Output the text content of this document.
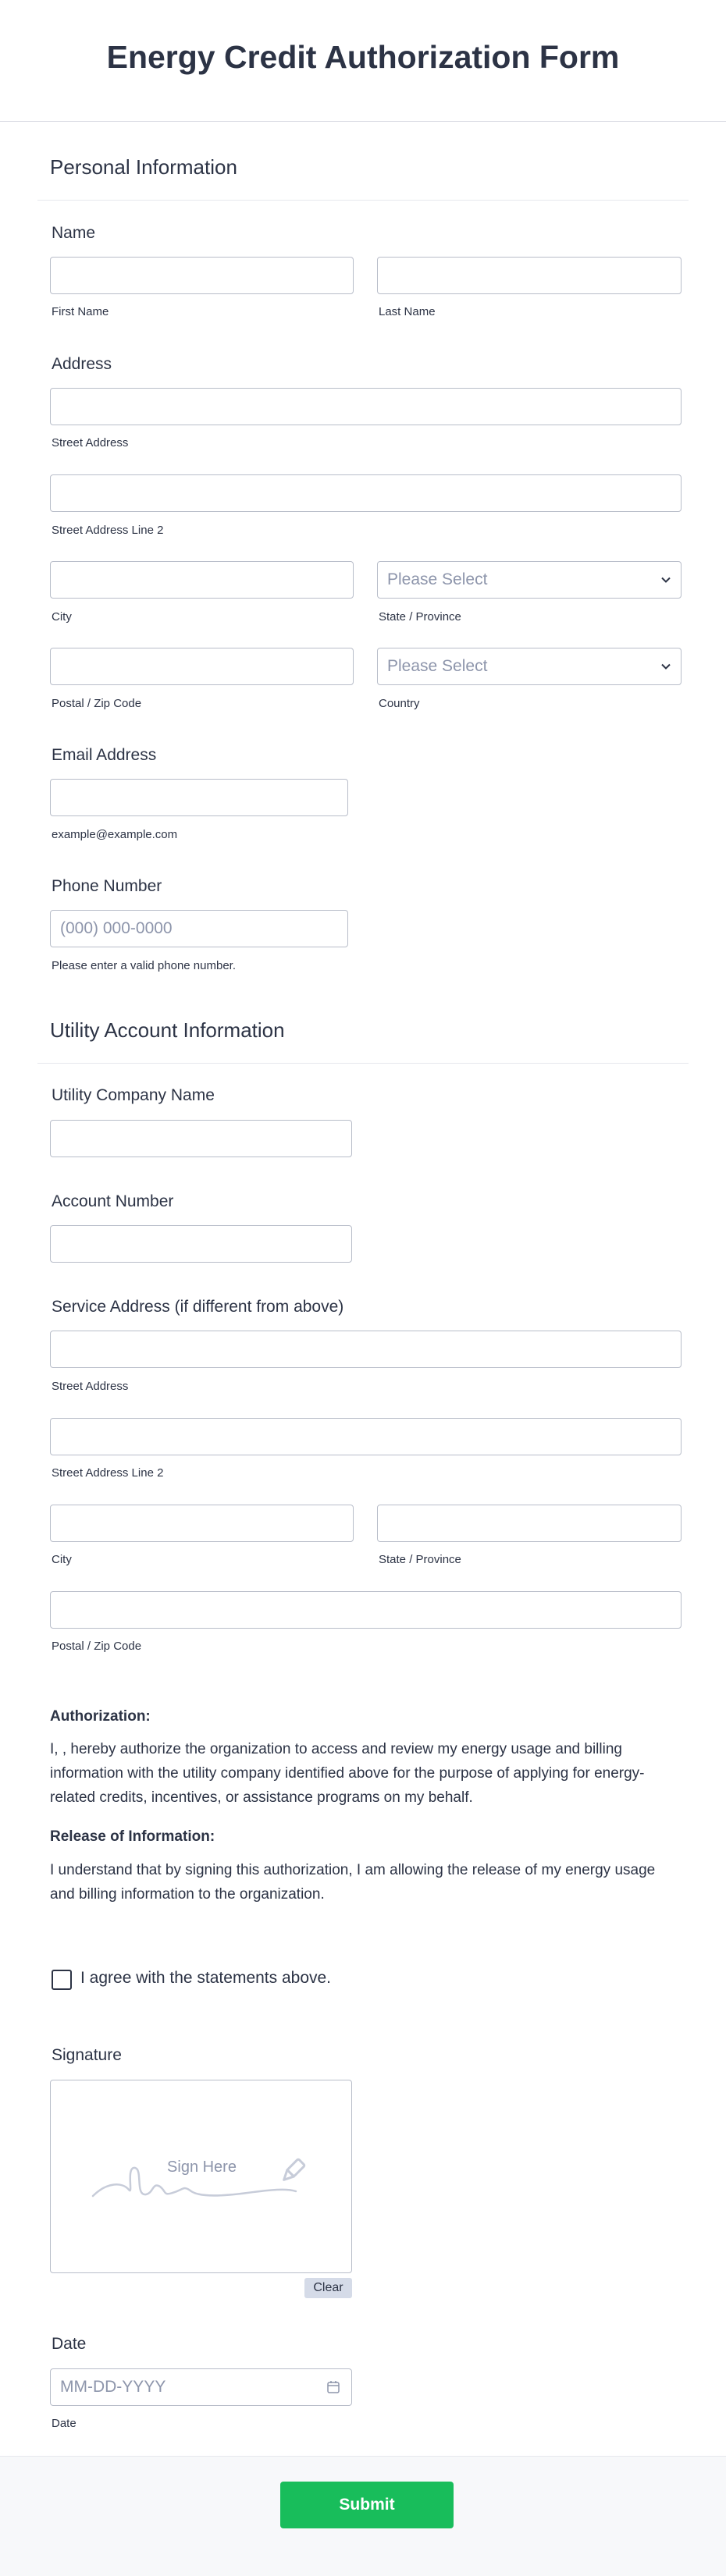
Energy Credit Authorization Form
Personal Information
Name
First Name	Last Name
Address
Street Address
Street Address Line 2
City
Please Select
State / Province
Postal / Zip Code
Please Select
Country
Email Address
example@example.com
Phone Number
(000) 000-0000
Please enter a valid phone number.
Utility Account Information
Utility Company Name
Account Number
Service Address (if different from above)
Street Address
Street Address Line 2
City	State / Province
Postal / Zip Code
Authorization:
I, , hereby authorize the organization to access and review my energy usage and billing information with the utility company identified above for the purpose of applying for energy-related credits, incentives, or assistance programs on my behalf.
Release of Information:
I understand that by signing this authorization, I am allowing the release of my energy usage and billing information to the organization.
I agree with the statements above.
Signature
Sign Here
Clear
Date
MM-DD-YYYY
Date
Submit
